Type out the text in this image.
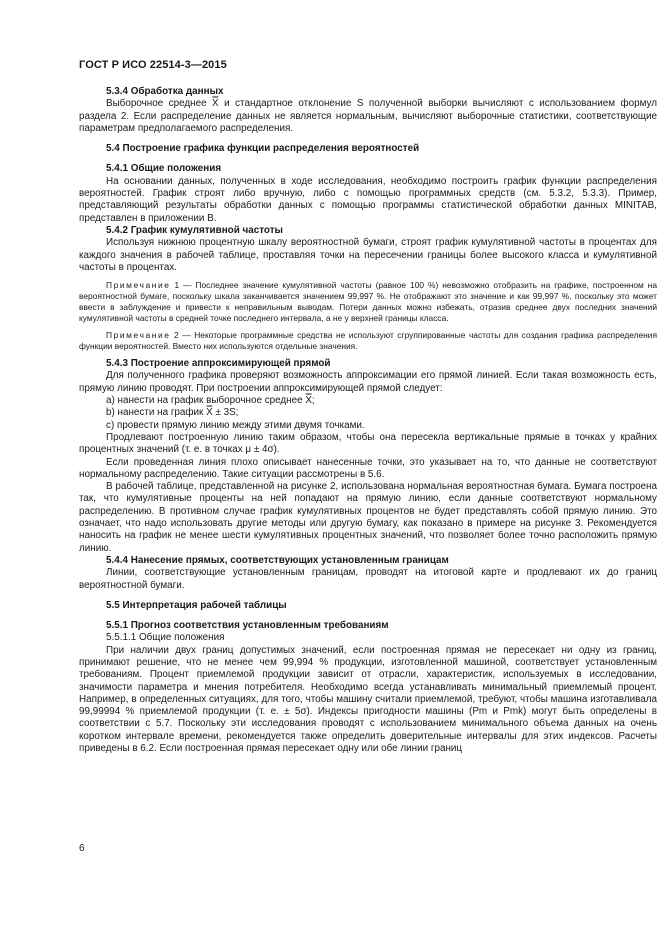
ГОСТ Р ИСО 22514-3—2015

5.3.4 Обработка данных

Выборочное среднее X̿ и стандартное отклонение S полученной выборки вычисляют с использованием формул раздела 2. Если распределение данных не является нормальным, вычисляют выборочные статистики, соответствующие параметрам предполагаемого распределения.

5.4 Построение графика функции распределения вероятностей

5.4.1 Общие положения

На основании данных, полученных в ходе исследования, необходимо построить график функции распределения вероятностей. График строят либо вручную, либо с помощью программных средств (см. 5.3.2, 5.3.3). Пример, представляющий результаты обработки данных с помощью программы статистической обработки данных MINITAB, представлен в приложении В.

5.4.2 График кумулятивной частоты

Используя нижнюю процентную шкалу вероятностной бумаги, строят график кумулятивной частоты в процентах для каждого значения в рабочей таблице, проставляя точки на пересечении границы более высокого класса и кумулятивной частоты в процентах.

Примечание 1 — Последнее значение кумулятивной частоты (равное 100 %) невозможно отобразить на графике, построенном на вероятностной бумаге, поскольку шкала заканчивается значением 99,997 %. Не отображают это значение и как 99,997 %, поскольку это может ввести в заблуждение и привести к неправильным выводам. Потери данных можно избежать, отразив среднее двух последних значений кумулятивной частоты в средней точке последнего интервала, а не у верхней границы класса.

Примечание 2 — Некоторые программные средства не используют сгруппированные частоты для создания графика распределения функции вероятностей. Вместо них используются отдельные значения.

5.4.3 Построение аппроксимирующей прямой

Для полученного графика проверяют возможность аппроксимации его прямой линией. Если такая возможность есть, прямую линию проводят. При построении аппроксимирующей прямой следует:

a) нанести на график выборочное среднее X̿;

b) нанести на график X̿ ± 3S;

c) провести прямую линию между этими двумя точками.

Продлевают построенную линию таким образом, чтобы она пересекла вертикальные прямые в точках у крайних процентных значений (т. е. в точках μ ± 4σ).

Если проведенная линия плохо описывает нанесенные точки, это указывает на то, что данные не соответствуют нормальному распределению. Такие ситуации рассмотрены в 5.6.

В рабочей таблице, представленной на рисунке 2, использована нормальная вероятностная бумага. Бумага построена так, что кумулятивные проценты на ней попадают на прямую линию, если данные соответствуют нормальному распределению. В противном случае график кумулятивных процентов не будет представлять собой прямую линию. Это означает, что надо использовать другие методы или другую бумагу, как показано в примере на рисунке 3. Рекомендуется наносить на график не менее шести кумулятивных процентных значений, что позволяет более точно расположить прямую линию.

5.4.4 Нанесение прямых, соответствующих установленным границам

Линии, соответствующие установленным границам, проводят на итоговой карте и продлевают их до границ вероятностной бумаги.

5.5 Интерпретация рабочей таблицы

5.5.1 Прогноз соответствия установленным требованиям

5.5.1.1 Общие положения

При наличии двух границ допустимых значений, если построенная прямая не пересекает ни одну из границ, принимают решение, что не менее чем 99,994 % продукции, изготовленной машиной, соответствует установленным требованиям. Процент приемлемой продукции зависит от отрасли, характеристик, используемых в исследовании, значимости параметра и мнения потребителя. Необходимо всегда устанавливать минимальный приемлемый процент. Например, в определенных ситуациях, для того, чтобы машину считали приемлемой, требуют, чтобы машина изготавливала 99,99994 % приемлемой продукции (т. е. ± 5σ). Индексы пригодности машины (Pm и Pmk) могут быть определены в соответствии с 5.7. Поскольку эти исследования проводят с использованием минимального объема данных на очень коротком интервале времени, рекомендуется также определить доверительные интервалы для этих индексов. Расчеты приведены в 6.2. Если построенная прямая пересекает одну или обе линии границ

6
